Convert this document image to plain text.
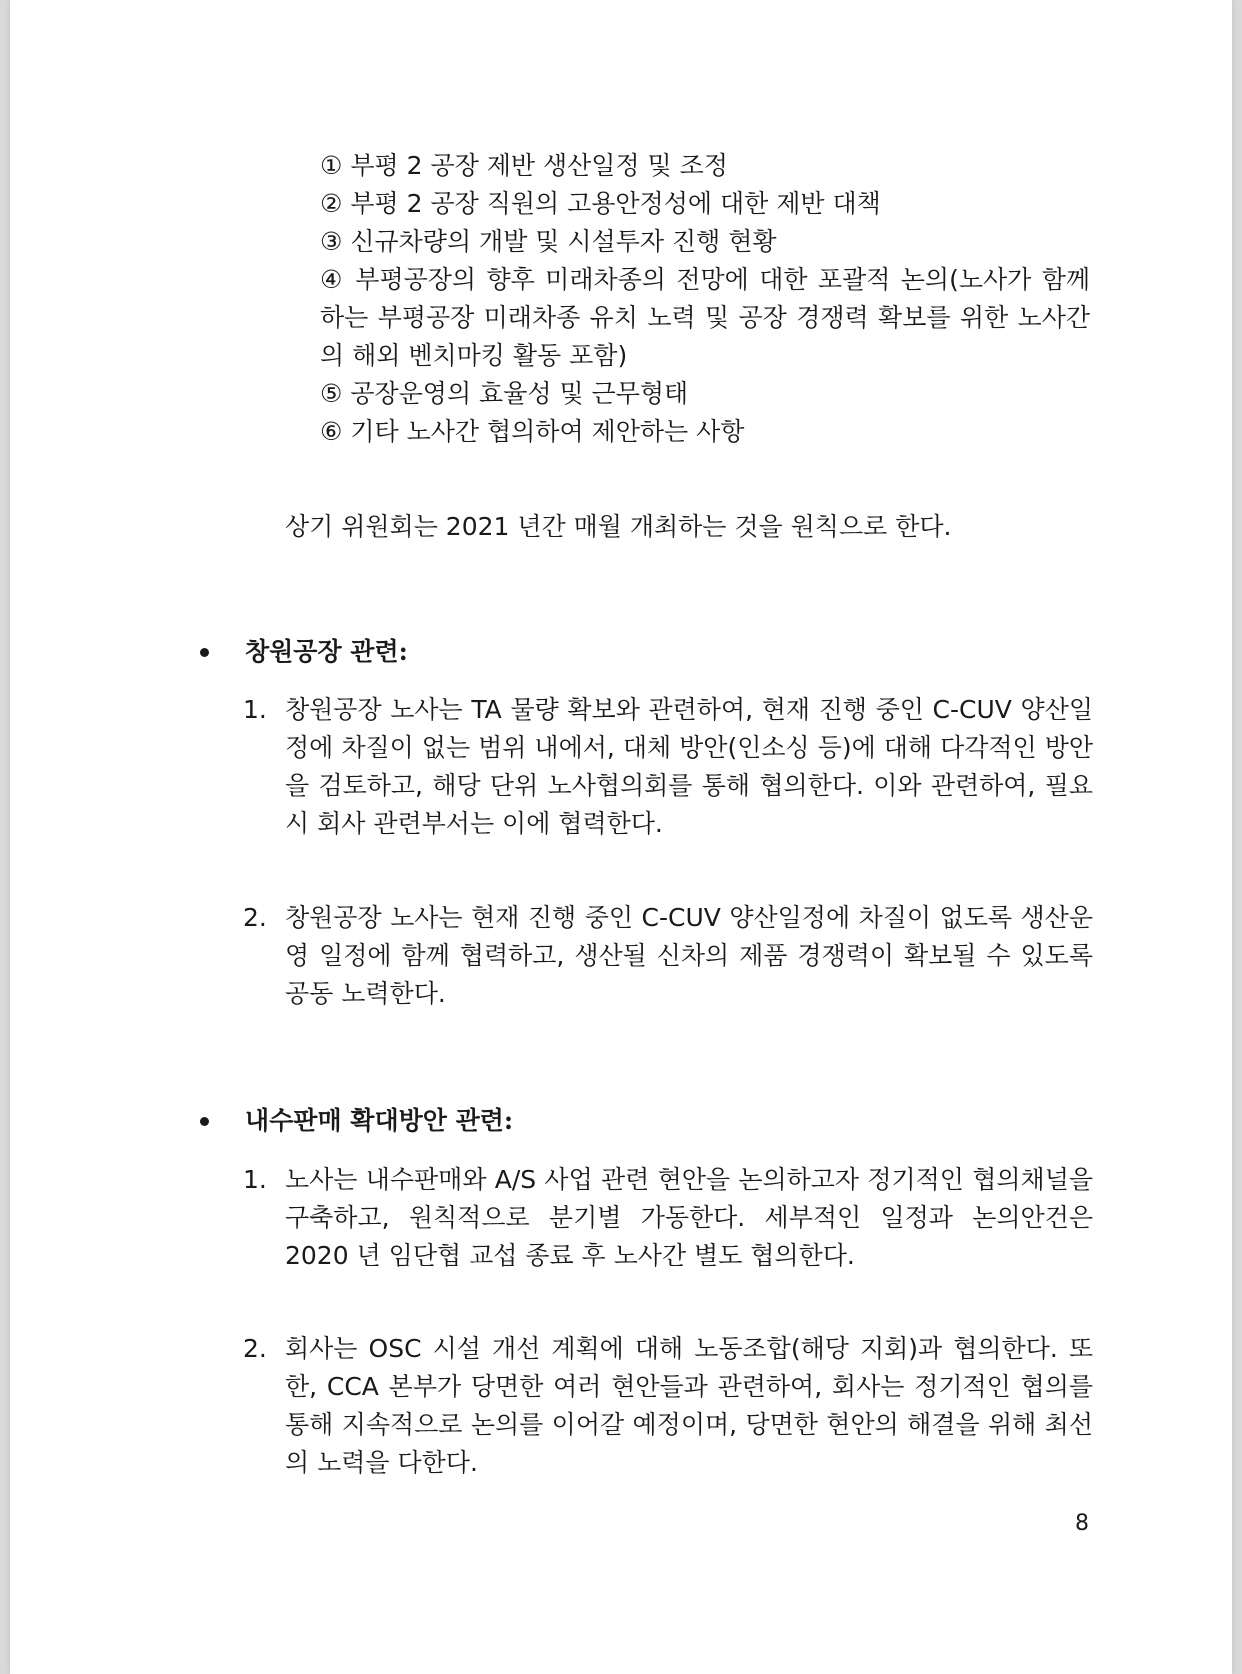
① 부평 2 공장 제반 생산일정 및 조정
② 부평 2 공장 직원의 고용안정성에 대한 제반 대책
③ 신규차량의 개발 및 시설투자 진행 현황
④ 부평공장의 향후 미래차종의 전망에 대한 포괄적 논의(노사가 함께하는 부평공장 미래차종 유치 노력 및 공장 경쟁력 확보를 위한 노사간의 해외 벤치마킹 활동 포함)
⑤ 공장운영의 효율성 및 근무형태
⑥ 기타 노사간 협의하여 제안하는 사항
상기 위원회는 2021 년간 매월 개최하는 것을 원칙으로 한다.
창원공장 관련:
1. 창원공장 노사는 TA 물량 확보와 관련하여, 현재 진행 중인 C-CUV 양산일정에 차질이 없는 범위 내에서, 대체 방안(인소싱 등)에 대해 다각적인 방안을 검토하고, 해당 단위 노사협의회를 통해 협의한다. 이와 관련하여, 필요 시 회사 관련부서는 이에 협력한다.
2. 창원공장 노사는 현재 진행 중인 C-CUV 양산일정에 차질이 없도록 생산운영 일정에 함께 협력하고, 생산될 신차의 제품 경쟁력이 확보될 수 있도록 공동 노력한다.
내수판매 확대방안 관련:
1. 노사는 내수판매와 A/S 사업 관련 현안을 논의하고자 정기적인 협의채널을 구축하고, 원칙적으로 분기별 가동한다. 세부적인 일정과 논의안건은 2020 년 임단협 교섭 종료 후 노사간 별도 협의한다.
2. 회사는 OSC 시설 개선 계획에 대해 노동조합(해당 지회)과 협의한다. 또한, CCA 본부가 당면한 여러 현안들과 관련하여, 회사는 정기적인 협의를 통해 지속적으로 논의를 이어갈 예정이며, 당면한 현안의 해결을 위해 최선의 노력을 다한다.
8
